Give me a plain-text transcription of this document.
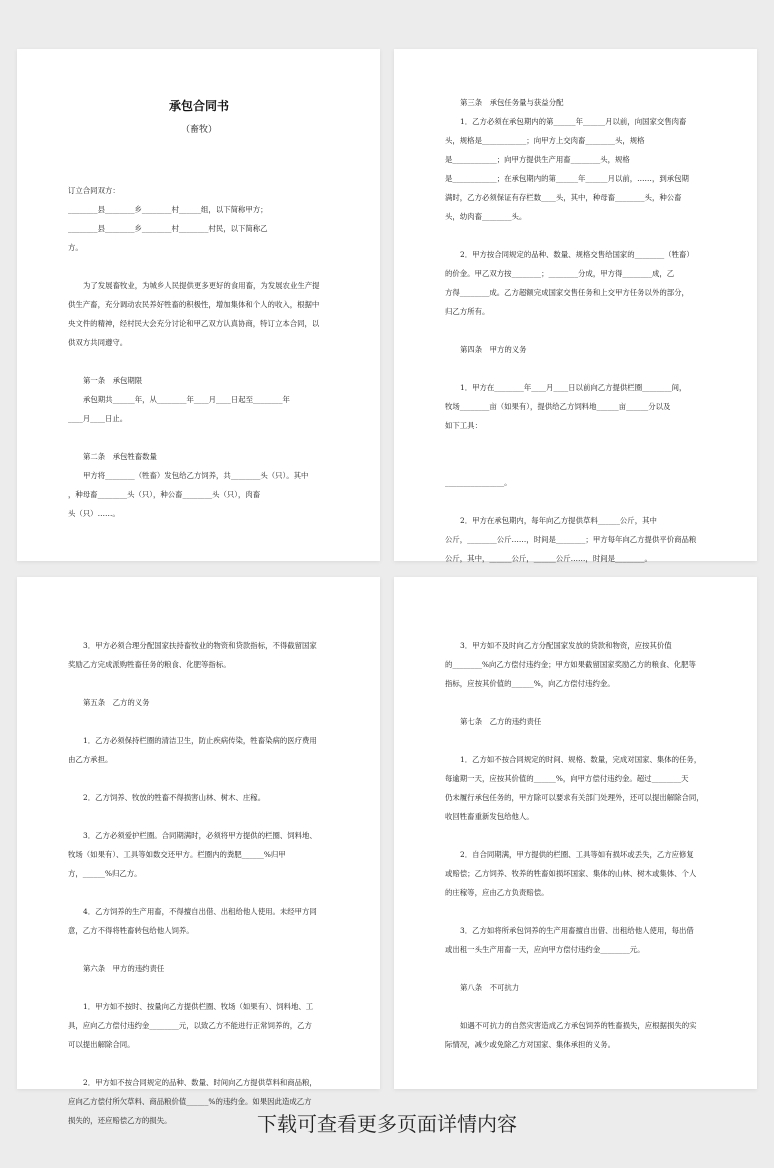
承包合同书
（畜牧）
订立合同双方：
________县________乡________村______组，以下简称甲方；
________县________乡________村________村民，以下简称乙
方。
为了发展畜牧业，为城乡人民提供更多更好的食用畜，为发展农业生产提
供生产畜，充分调动农民养好牲畜的积极性，增加集体和个人的收入，根据中
央文件的精神，经村民大会充分讨论和甲乙双方认真协商，特订立本合同，以
供双方共同遵守。
第一条　承包期限
承包期共______年，从________年____月____日起至________年
____月____日止。
第二条　承包牲畜数量
甲方将________（牲畜）发包给乙方饲养，共________头（只）。其中
，种母畜________头（只），种公畜________头（只），肉畜
头（只）……。
第三条　承包任务量与获益分配
1．乙方必须在承包期内的第______年______月以前，向国家交售肉畜
头，规格是____________；向甲方上交肉畜________头，规格
是____________；向甲方提供生产用畜________头，规格
是____________；在承包期内的第______年______月以前，……，到承包期
满时，乙方必须保证有存栏数____头，其中，种母畜________头，种公畜
头，幼肉畜________头。
2．甲方按合同规定的品种、数量、规格交售给国家的________（牲畜）
的价金。甲乙双方按________；________分成，甲方得________成，乙
方得________成。乙方超额完成国家交售任务和上交甲方任务以外的部分，
归乙方所有。
第四条　甲方的义务
1．甲方在________年____月____日以前向乙方提供栏圈________间，
牧场________亩（如果有），提供给乙方饲料地______亩______分以及
如下工具：
________________。
2．甲方在承包期内，每年向乙方提供草料______公斤，其中
公斤，________公斤……，时间是________；甲方每年向乙方提供平价商品粮
公斤，其中，______公斤，______公斤……，时间是________。
3．甲方必须合理分配国家扶持畜牧业的物资和贷款指标，不得截留国家
奖励乙方完成派购牲畜任务的粮食、化肥等指标。
第五条　乙方的义务
1．乙方必须保持栏圈的清洁卫生，防止疾病传染，牲畜染病的医疗费用
由乙方承担。
2．乙方饲养、牧放的牲畜不得损害山林、树木、庄稼。
3．乙方必须爱护栏圈。合同期满时，必须将甲方提供的栏圈、饲料地、
牧场（如果有）、工具等如数交还甲方。栏圈内的粪肥______%归甲
方，______%归乙方。
4．乙方饲养的生产用畜，不得擅自出借、出租给他人使用。未经甲方同
意，乙方不得将牲畜转包给他人饲养。
第六条　甲方的违约责任
1．甲方如不按时、按量向乙方提供栏圈、牧场（如果有）、饲料地、工
具，应向乙方偿付违约金________元，以致乙方不能进行正常饲养的，乙方
可以提出解除合同。
2．甲方如不按合同规定的品种、数量、时间向乙方提供草料和商品粮，
应向乙方偿付所欠草料、商品粮价值______%的违约金。如果因此造成乙方
损失的，还应赔偿乙方的损失。
3．甲方如不及时向乙方分配国家发放的贷款和物资，应按其价值
的________%向乙方偿付违约金；甲方如果截留国家奖励乙方的粮食、化肥等
指标，应按其价值的______%，向乙方偿付违约金。
第七条　乙方的违约责任
1．乙方如不按合同规定的时间、规格、数量，完成对国家、集体的任务，
每逾期一天，应按其价值的______%，向甲方偿付违约金。超过________天
仍未履行承包任务的，甲方除可以要求有关部门处理外，还可以提出解除合同，
收回牲畜重新发包给他人。
2．自合同期满，甲方提供的栏圈、工具等如有损坏或丢失，乙方应修复
或赔偿；乙方饲养、牧养的牲畜如损坏国家、集体的山林、树木或集体、个人
的庄稼等，应由乙方负责赔偿。
3．乙方如将所承包饲养的生产用畜擅自出借、出租给他人使用，每出借
或出租一头生产用畜一天，应向甲方偿付违约金________元。
第八条　不可抗力
如遇不可抗力的自然灾害造成乙方承包饲养的牲畜损失，应根据损失的实
际情况，减少或免除乙方对国家、集体承担的义务。
下载可查看更多页面详情内容
